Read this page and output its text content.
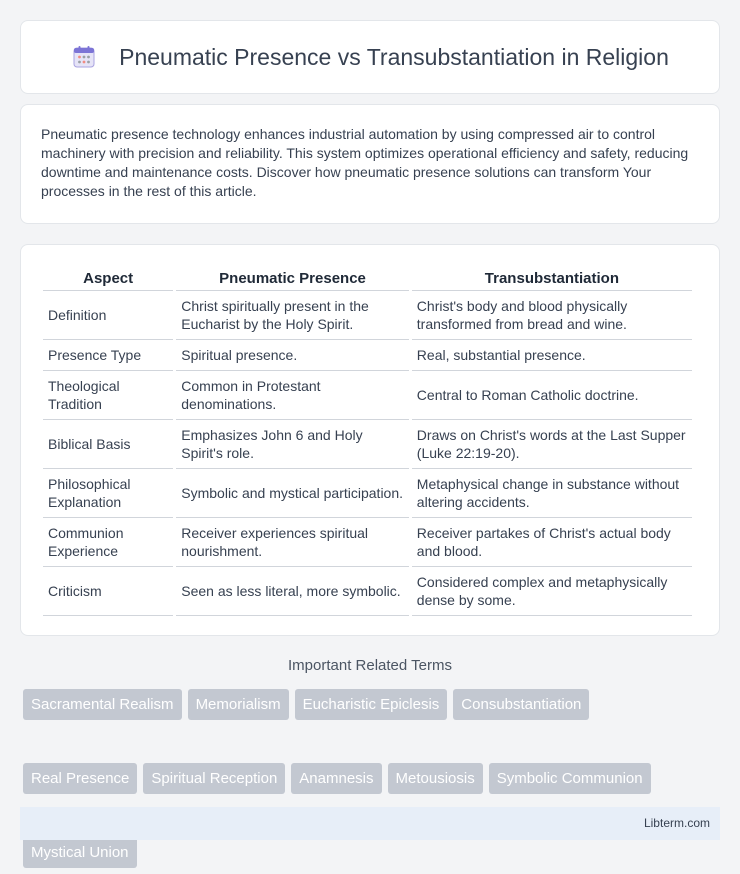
Pneumatic Presence vs Transubstantiation in Religion

Pneumatic presence technology enhances industrial automation by using compressed air to control machinery with precision and reliability. This system optimizes operational efficiency and safety, reducing downtime and maintenance costs. Discover how pneumatic presence solutions can transform Your processes in the rest of this article.

Aspect	Pneumatic Presence	Transubstantiation
Definition	Christ spiritually present in the Eucharist by the Holy Spirit.	Christ's body and blood physically transformed from bread and wine.
Presence Type	Spiritual presence.	Real, substantial presence.
Theological Tradition	Common in Protestant denominations.	Central to Roman Catholic doctrine.
Biblical Basis	Emphasizes John 6 and Holy Spirit's role.	Draws on Christ's words at the Last Supper (Luke 22:19-20).
Philosophical Explanation	Symbolic and mystical participation.	Metaphysical change in substance without altering accidents.
Communion Experience	Receiver experiences spiritual nourishment.	Receiver partakes of Christ's actual body and blood.
Criticism	Seen as less literal, more symbolic.	Considered complex and metaphysically dense by some.
Important Related Terms
Sacramental Realism	Memorialism	Eucharistic Epiclesis	Consubstantiation
Real Presence	Spiritual Reception	Anamnesis	Metousiosis	Symbolic Communion
Mystical Union
Libterm.com
